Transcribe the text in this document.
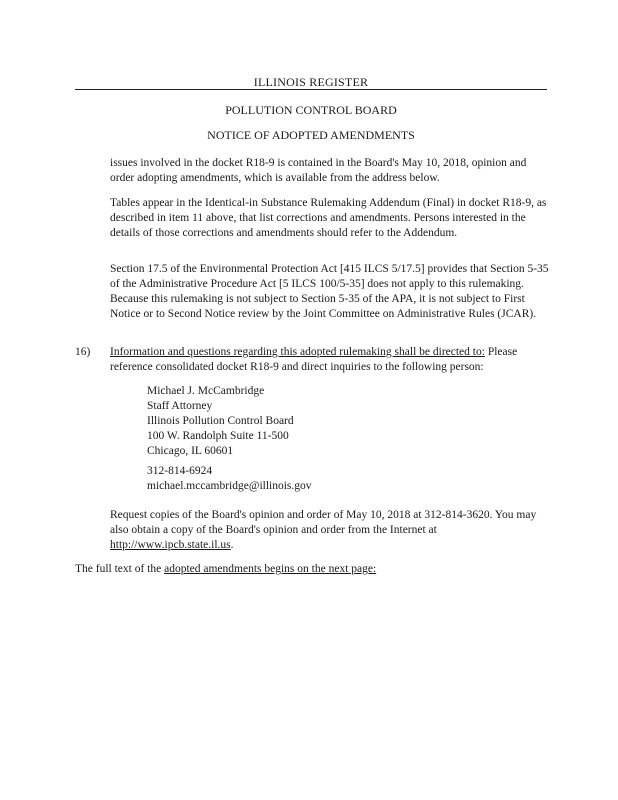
ILLINOIS REGISTER
POLLUTION CONTROL BOARD
NOTICE OF ADOPTED AMENDMENTS

issues involved in the docket R18-9 is contained in the Board's May 10, 2018, opinion and order adopting amendments, which is available from the address below.

Tables appear in the Identical-in Substance Rulemaking Addendum (Final) in docket R18-9, as described in item 11 above, that list corrections and amendments. Persons interested in the details of those corrections and amendments should refer to the Addendum.

Section 17.5 of the Environmental Protection Act [415 ILCS 5/17.5] provides that Section 5-35 of the Administrative Procedure Act [5 ILCS 100/5-35] does not apply to this rulemaking. Because this rulemaking is not subject to Section 5-35 of the APA, it is not subject to First Notice or to Second Notice review by the Joint Committee on Administrative Rules (JCAR).

16) Information and questions regarding this adopted rulemaking shall be directed to: Please reference consolidated docket R18-9 and direct inquiries to the following person:

Michael J. McCambridge
Staff Attorney
Illinois Pollution Control Board
100 W. Randolph Suite 11-500
Chicago, IL 60601
312-814-6924
michael.mccambridge@illinois.gov

Request copies of the Board's opinion and order of May 10, 2018 at 312-814-3620. You may also obtain a copy of the Board's opinion and order from the Internet at http://www.ipcb.state.il.us.

The full text of the adopted amendments begins on the next page:
